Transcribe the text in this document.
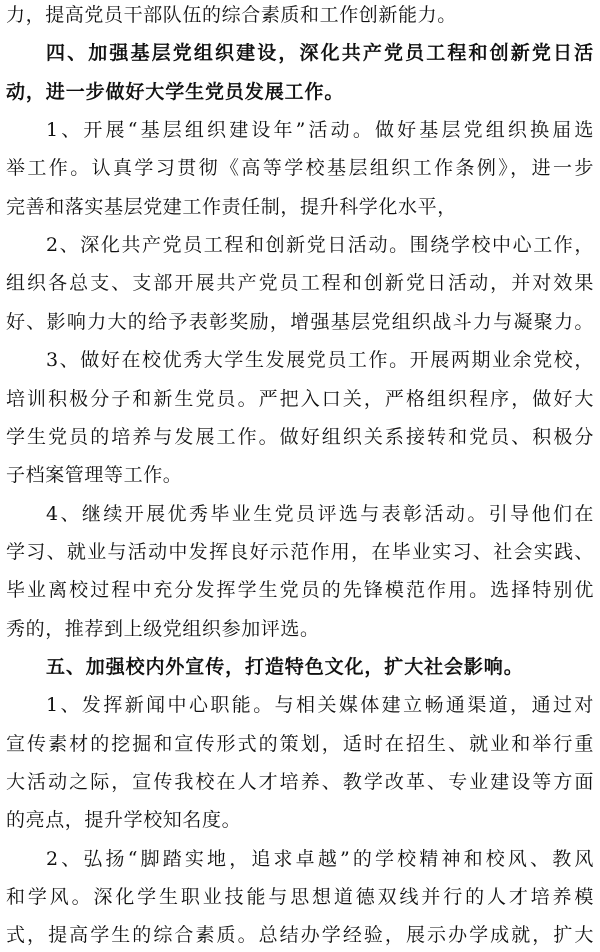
力，提高党员干部队伍的综合素质和工作创新能力。
四、加强基层党组织建设，深化共产党员工程和创新党日活
动，进一步做好大学生党员发展工作。
1、开展“基层组织建设年”活动。做好基层党组织换届选
举工作。认真学习贯彻《高等学校基层组织工作条例》，进一步
完善和落实基层党建工作责任制，提升科学化水平，
2、深化共产党员工程和创新党日活动。围绕学校中心工作，
组织各总支、支部开展共产党员工程和创新党日活动，并对效果
好、影响力大的给予表彰奖励，增强基层党组织战斗力与凝聚力。
3、做好在校优秀大学生发展党员工作。开展两期业余党校，
培训积极分子和新生党员。严把入口关，严格组织程序，做好大
学生党员的培养与发展工作。做好组织关系接转和党员、积极分
子档案管理等工作。
4、继续开展优秀毕业生党员评选与表彰活动。引导他们在
学习、就业与活动中发挥良好示范作用，在毕业实习、社会实践、
毕业离校过程中充分发挥学生党员的先锋模范作用。选择特别优
秀的，推荐到上级党组织参加评选。
五、加强校内外宣传，打造特色文化，扩大社会影响。
1、发挥新闻中心职能。与相关媒体建立畅通渠道，通过对
宣传素材的挖掘和宣传形式的策划，适时在招生、就业和举行重
大活动之际，宣传我校在人才培养、教学改革、专业建设等方面
的亮点，提升学校知名度。
2、弘扬“脚踏实地，追求卓越”的学校精神和校风、教风
和学风。深化学生职业技能与思想道德双线并行的人才培养模
式，提高学生的综合素质。总结办学经验，展示办学成就，扩大
